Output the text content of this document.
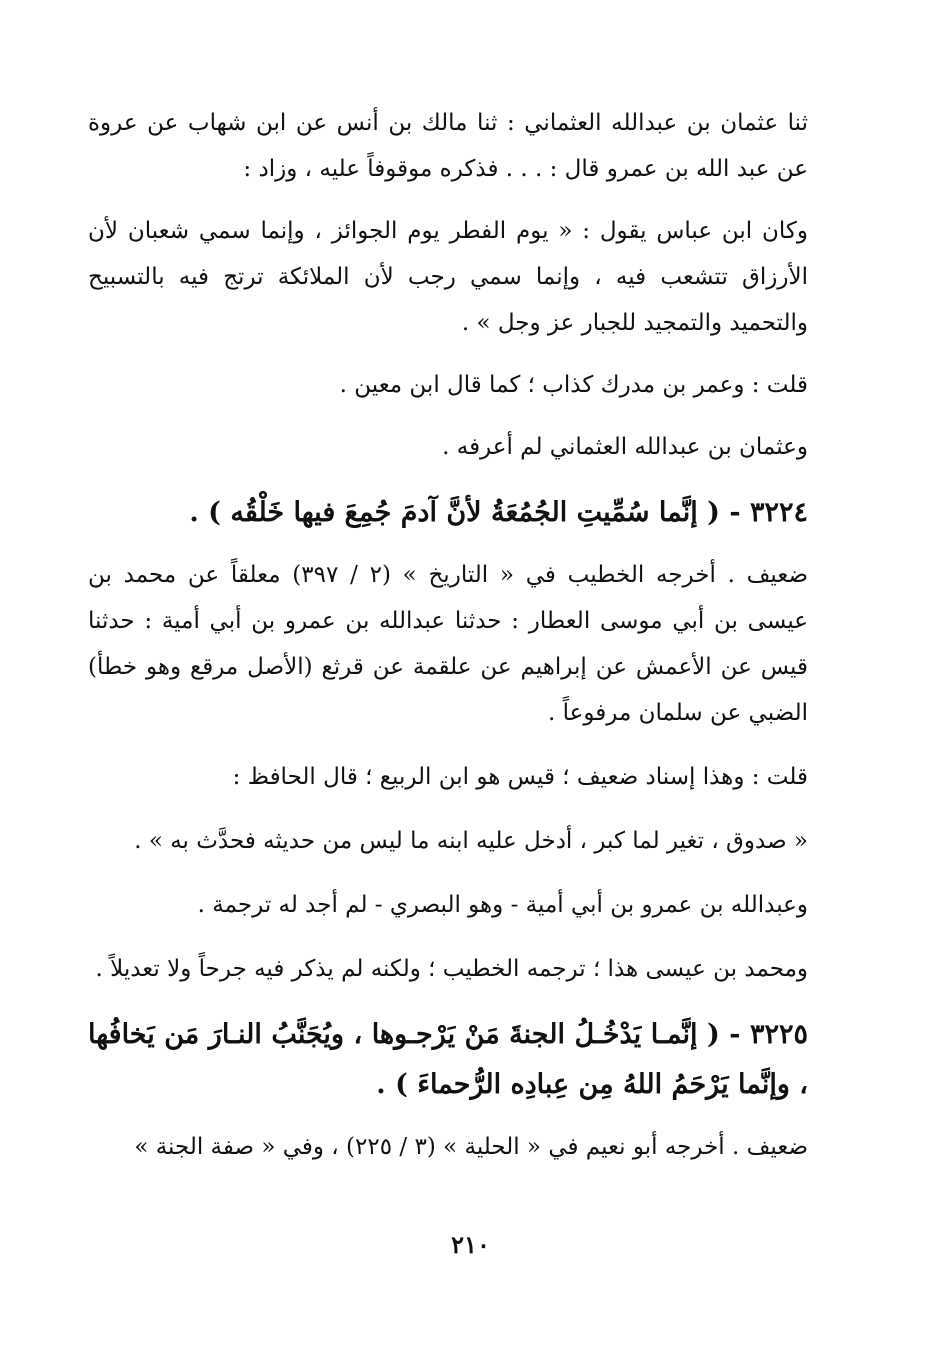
ثنا عثمان بن عبدالله العثماني : ثنا مالك بن أنس عن ابن شهاب عن عروة عن عبد الله بن عمرو قال : . . . فذكره موقوفاً عليه ، وزاد :

وكان ابن عباس يقول : « يوم الفطر يوم الجوائز ، وإنما سمي شعبان لأن الأرزاق تتشعب فيه ، وإنما سمي رجب لأن الملائكة ترتج فيه بالتسبيح والتحميد والتمجيد للجبار عز وجل » .

قلت : وعمر بن مدرك كذاب ؛ كما قال ابن معين .

وعثمان بن عبدالله العثماني لم أعرفه .

٣٢٢٤ - ( إنَّما سُمِّيتِ الجُمُعَةُ لأنَّ آدمَ جُمِعَ فيها خَلْقُه ) .

ضعيف . أخرجه الخطيب في « التاريخ » (٢ / ٣٩٧) معلقاً عن محمد بن عيسى بن أبي موسى العطار : حدثنا عبدالله بن عمرو بن أبي أمية : حدثنا قيس عن الأعمش عن إبراهيم عن علقمة عن قرثع (الأصل مرقع وهو خطأ) الضبي عن سلمان مرفوعاً .

قلت : وهذا إسناد ضعيف ؛ قيس هو ابن الربيع ؛ قال الحافظ :

« صدوق ، تغير لما كبر ، أدخل عليه ابنه ما ليس من حديثه فحدَّث به » .

وعبدالله بن عمرو بن أبي أمية - وهو البصري - لم أجد له ترجمة .

ومحمد بن عيسى هذا ؛ ترجمه الخطيب ؛ ولكنه لم يذكر فيه جرحاً ولا تعديلاً .

٣٢٢٥ - ( إنَّمـا يَدْخُـلُ الجنةَ مَنْ يَرْجـوها ، ويُجَنَّبُ النـارَ مَن يَخافُها ، وإنَّما يَرْحَمُ اللهُ مِن عِبادِه الرُّحماءَ ) .

ضعيف . أخرجه أبو نعيم في « الحلية » (٣ / ٢٢٥) ، وفي « صفة الجنة »

٢١٠
